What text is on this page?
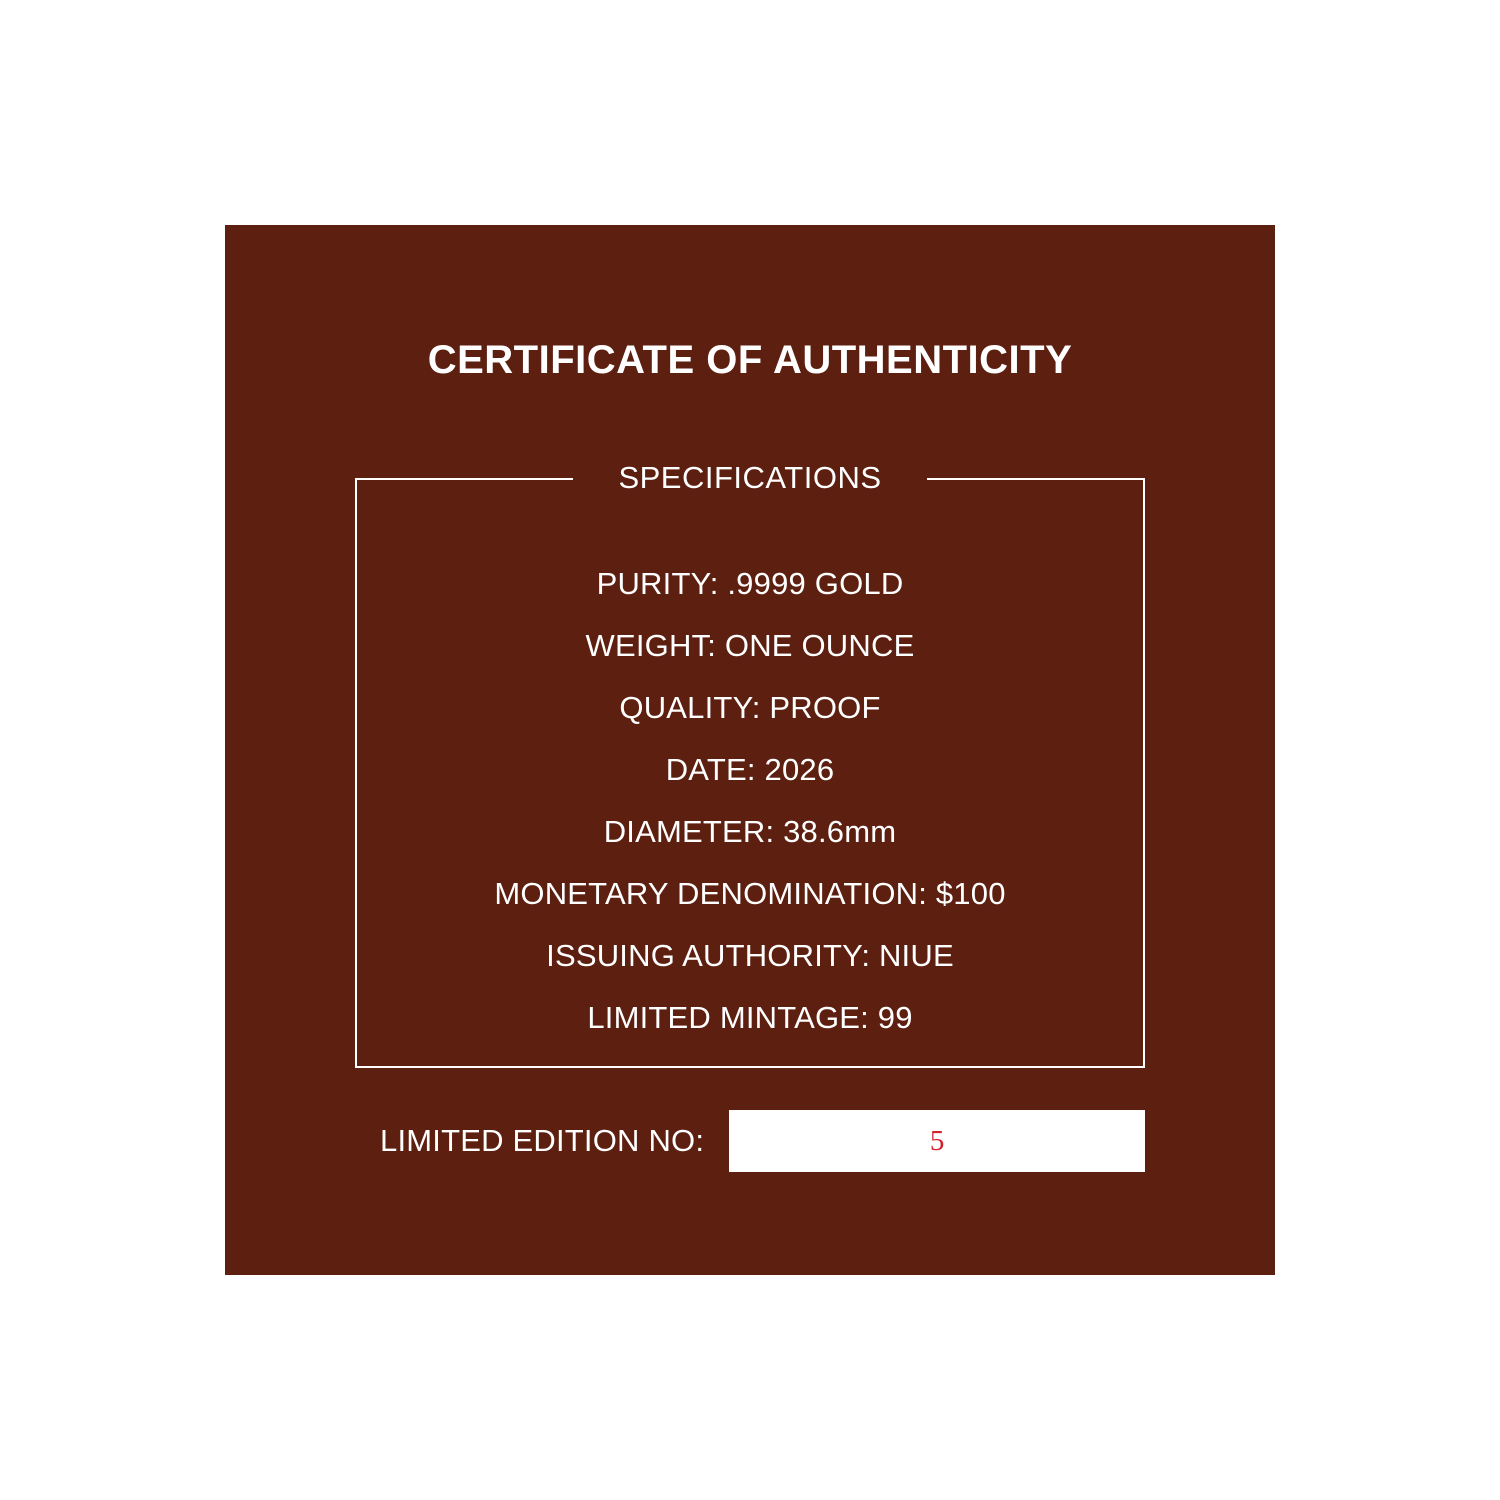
CERTIFICATE OF AUTHENTICITY
SPECIFICATIONS
PURITY: .9999 GOLD
WEIGHT: ONE OUNCE
QUALITY: PROOF
DATE: 2026
DIAMETER: 38.6mm
MONETARY DENOMINATION: $100
ISSUING AUTHORITY: NIUE
LIMITED MINTAGE: 99
LIMITED EDITION NO:	5
